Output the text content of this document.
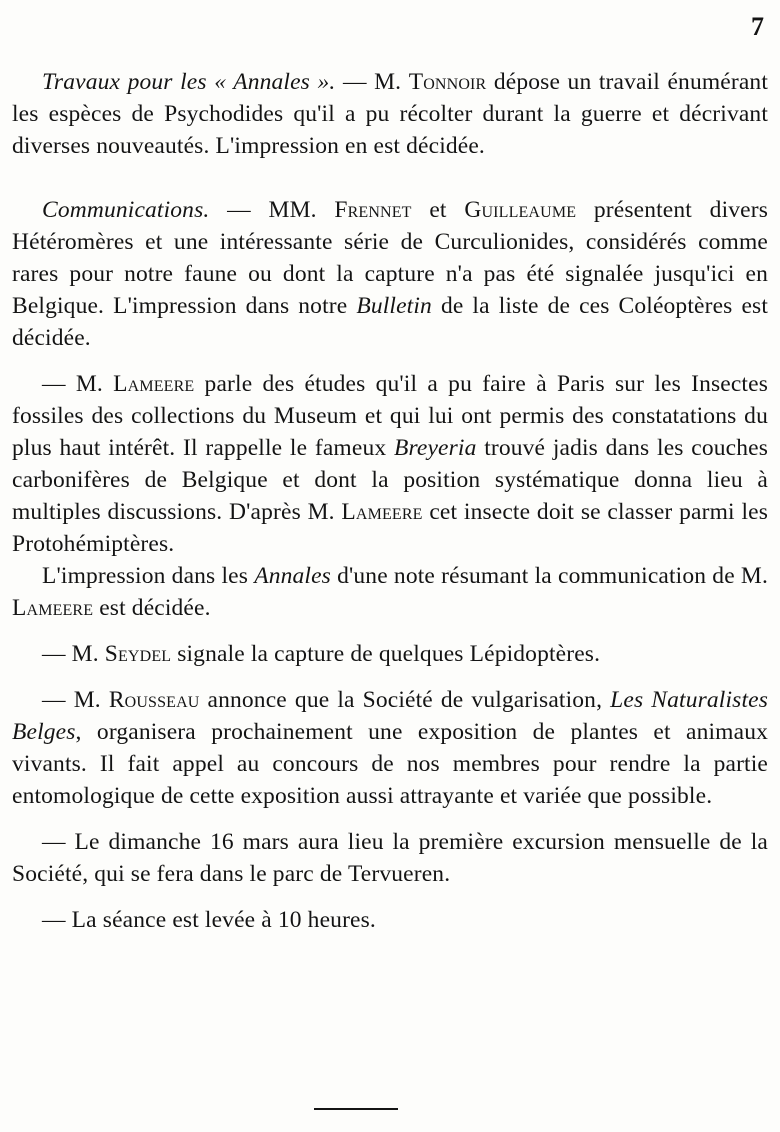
7

Travaux pour les « Annales ». — M. Tonnoir dépose un travail énumérant les espèces de Psychodides qu'il a pu récolter durant la guerre et décrivant diverses nouveautés. L'impression en est décidée.

Communications. — MM. Frennet et Guilleaume présentent divers Hétéromères et une intéressante série de Curculionides, considérés comme rares pour notre faune ou dont la capture n'a pas été signalée jusqu'ici en Belgique. L'impression dans notre Bulletin de la liste de ces Coléoptères est décidée.

— M. Lameere parle des études qu'il a pu faire à Paris sur les Insectes fossiles des collections du Museum et qui lui ont permis des constatations du plus haut intérêt. Il rappelle le fameux Breyeria trouvé jadis dans les couches carbonifères de Belgique et dont la position systématique donna lieu à multiples discussions. D'après M. Lameere cet insecte doit se classer parmi les Protohémiptères.

L'impression dans les Annales d'une note résumant la communication de M. Lameere est décidée.

— M. Seydel signale la capture de quelques Lépidoptères.

— M. Rousseau annonce que la Société de vulgarisation, Les Naturalistes Belges, organisera prochainement une exposition de plantes et animaux vivants. Il fait appel au concours de nos membres pour rendre la partie entomologique de cette exposition aussi attrayante et variée que possible.

— Le dimanche 16 mars aura lieu la première excursion mensuelle de la Société, qui se fera dans le parc de Tervueren.

— La séance est levée à 10 heures.
